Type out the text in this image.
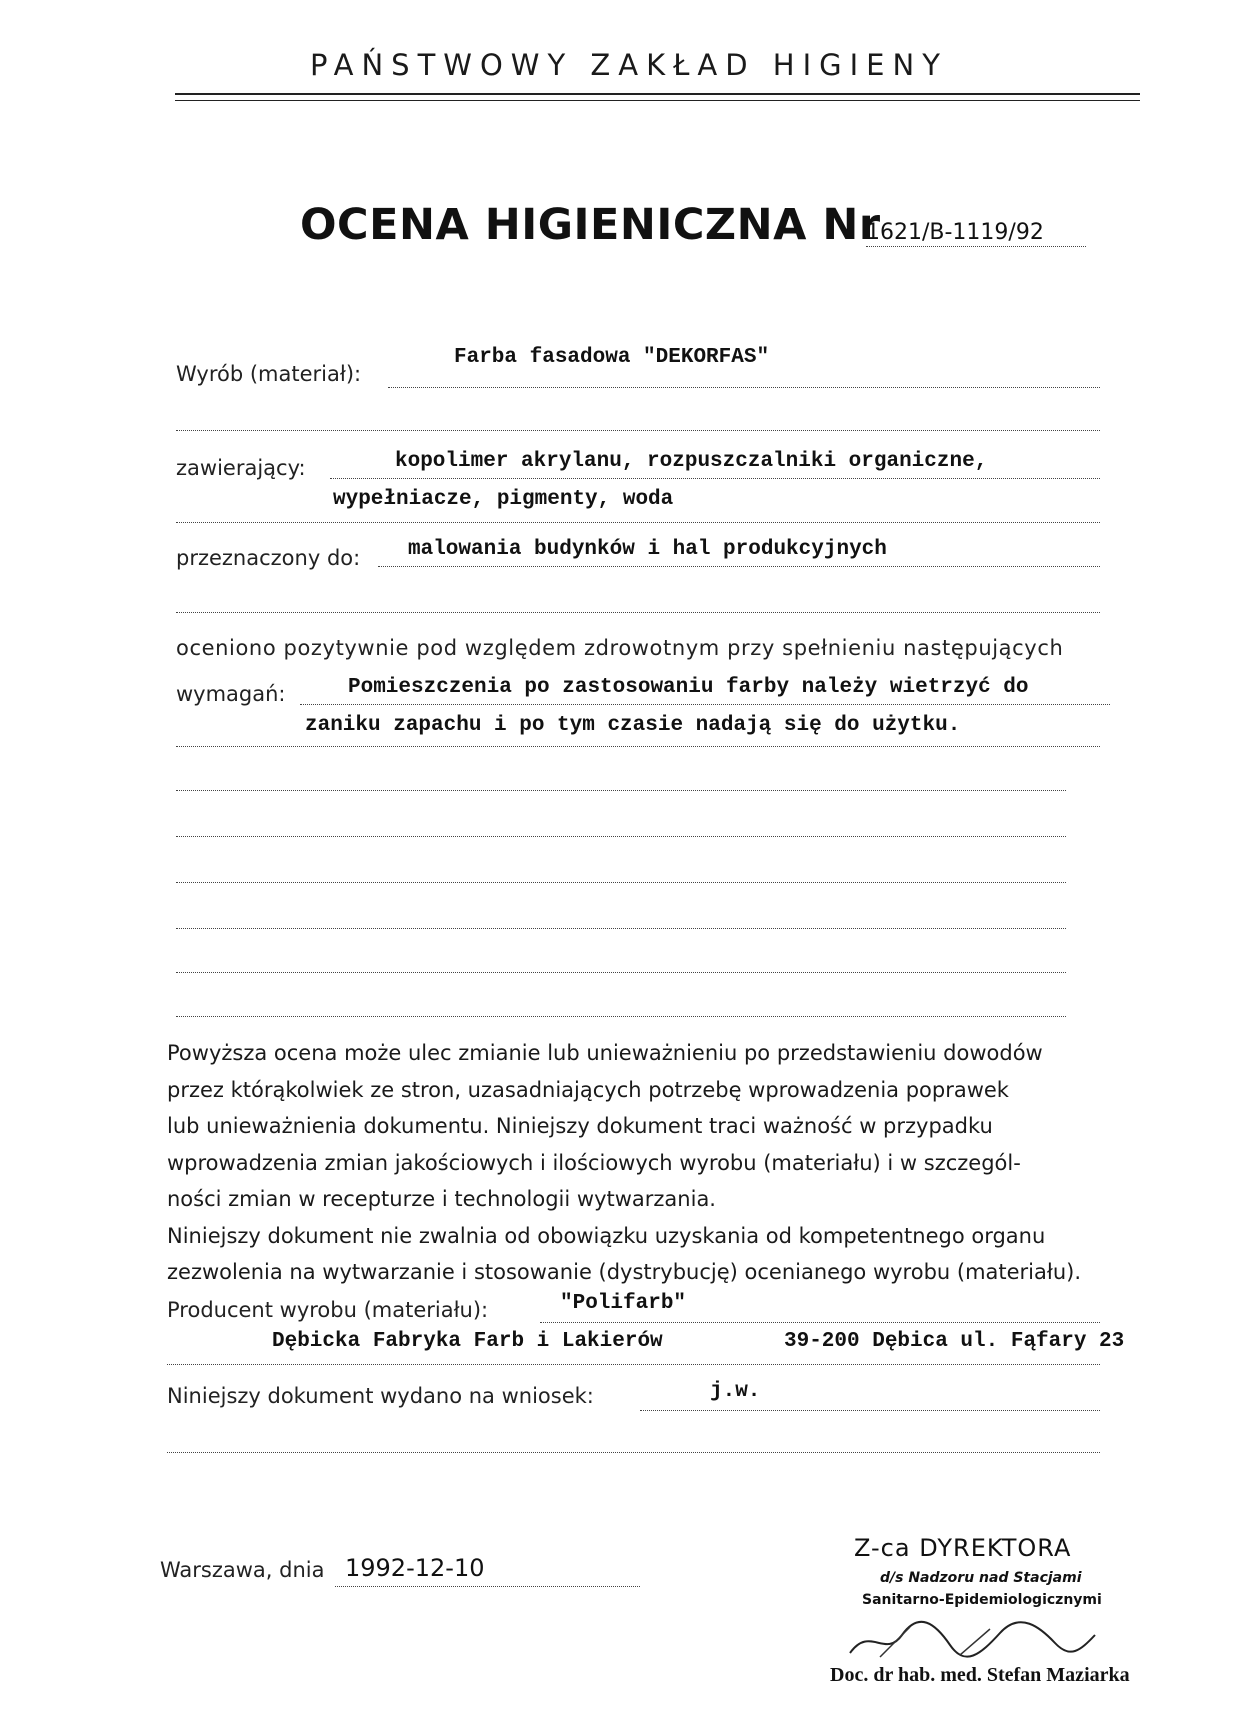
PAŃSTWOWY ZAKŁAD HIGIENY
OCENA HIGIENICZNA Nr
1621/B-1119/92
Wyrób (materiał):
Farba fasadowa "DEKORFAS"
zawierający:	kopolimer akrylanu, rozpuszczalniki organiczne,
wypełniacze, pigmenty, woda
przeznaczony do: malowania budynków i hal produkcyjnych
oceniono pozytywnie pod względem zdrowotnym przy spełnieniu następujących
wymagań:	Pomieszczenia po zastosowaniu farby należy wietrzyć do
zaniku zapachu i po tym czasie nadają się do użytku.
Powyższa ocena może ulec zmianie lub unieważnieniu po przedstawieniu dowodów
przez którąkolwiek ze stron, uzasadniających potrzebę wprowadzenia poprawek
lub unieważnienia dokumentu. Niniejszy dokument traci ważność w przypadku
wprowadzenia zmian jakościowych i ilościowych wyrobu (materiału) i w szczegól-
ności zmian w recepturze i technologii wytwarzania.
Niniejszy dokument nie zwalnia od obowiązku uzyskania od kompetentnego organu
zezwolenia na wytwarzanie i stosowanie (dystrybucję) ocenianego wyrobu (materiału).
Producent wyrobu (materiału):	"Polifarb"
Dębicka Fabryka Farb i Lakierów	39-200 Dębica ul. Fąfary 23
Niniejszy dokument wydano na wniosek:	j.w.
Warszawa, dnia 1992-12-10
Z-ca DYREKTORA
d/s Nadzoru nad Stacjami
Sanitarno-Epidemiologicznymi
Doc. dr hab. med. Stefan Maziarka
